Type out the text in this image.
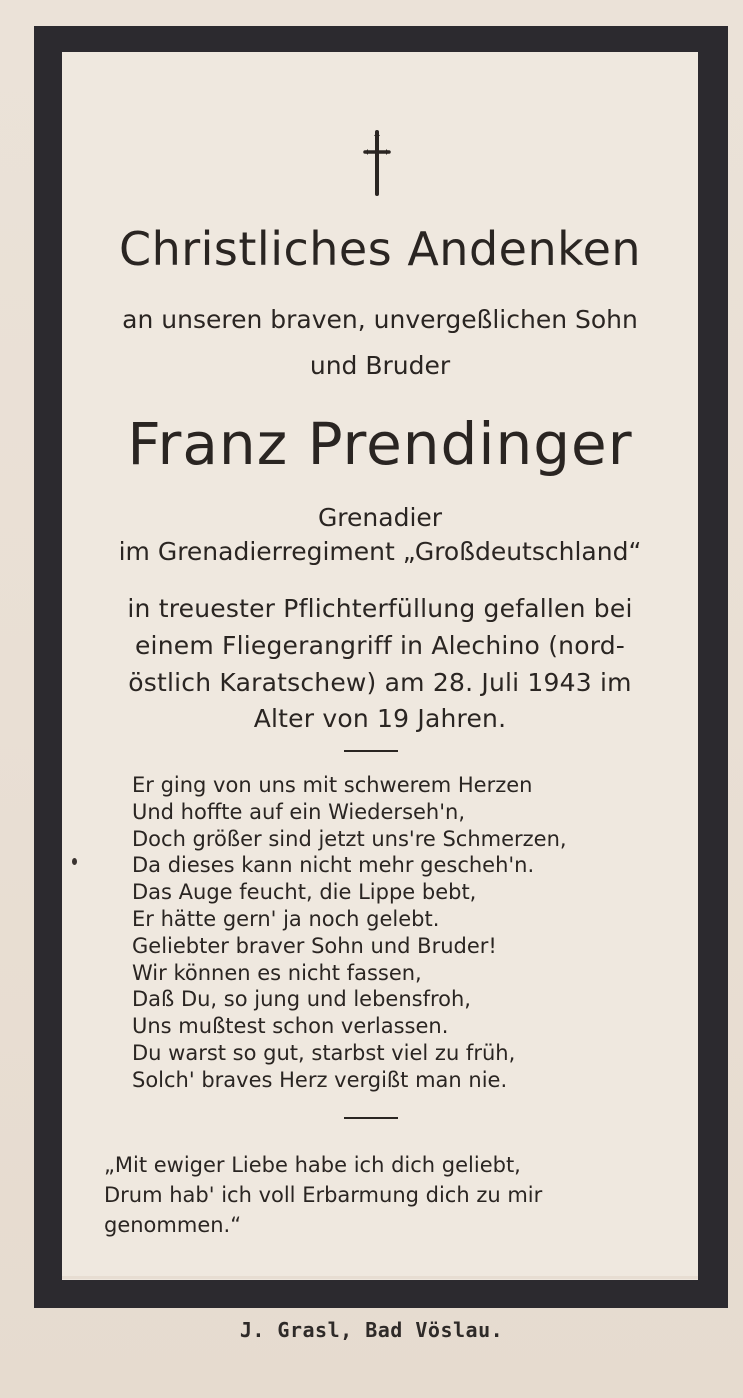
Christliches Andenken
an unseren braven, unvergeßlichen Sohn
und Bruder
Franz Prendinger
Grenadier
im Grenadierregiment „Großdeutschland“
in treuester Pflichterfüllung gefallen bei
einem Fliegerangriff in Alechino (nord-
östlich Karatschew) am 28. Juli 1943 im
Alter von 19 Jahren.
Er ging von uns mit schwerem Herzen
Und hoffte auf ein Wiederseh'n,
Doch größer sind jetzt uns're Schmerzen,
Da dieses kann nicht mehr gescheh'n.
Das Auge feucht, die Lippe bebt,
Er hätte gern' ja noch gelebt.
Geliebter braver Sohn und Bruder!
Wir können es nicht fassen,
Daß Du, so jung und lebensfroh,
Uns mußtest schon verlassen.
Du warst so gut, starbst viel zu früh,
Solch' braves Herz vergißt man nie.
„Mit ewiger Liebe habe ich dich geliebt,
Drum hab' ich voll Erbarmung dich zu mir
genommen.“
J. Grasl, Bad Vöslau.
